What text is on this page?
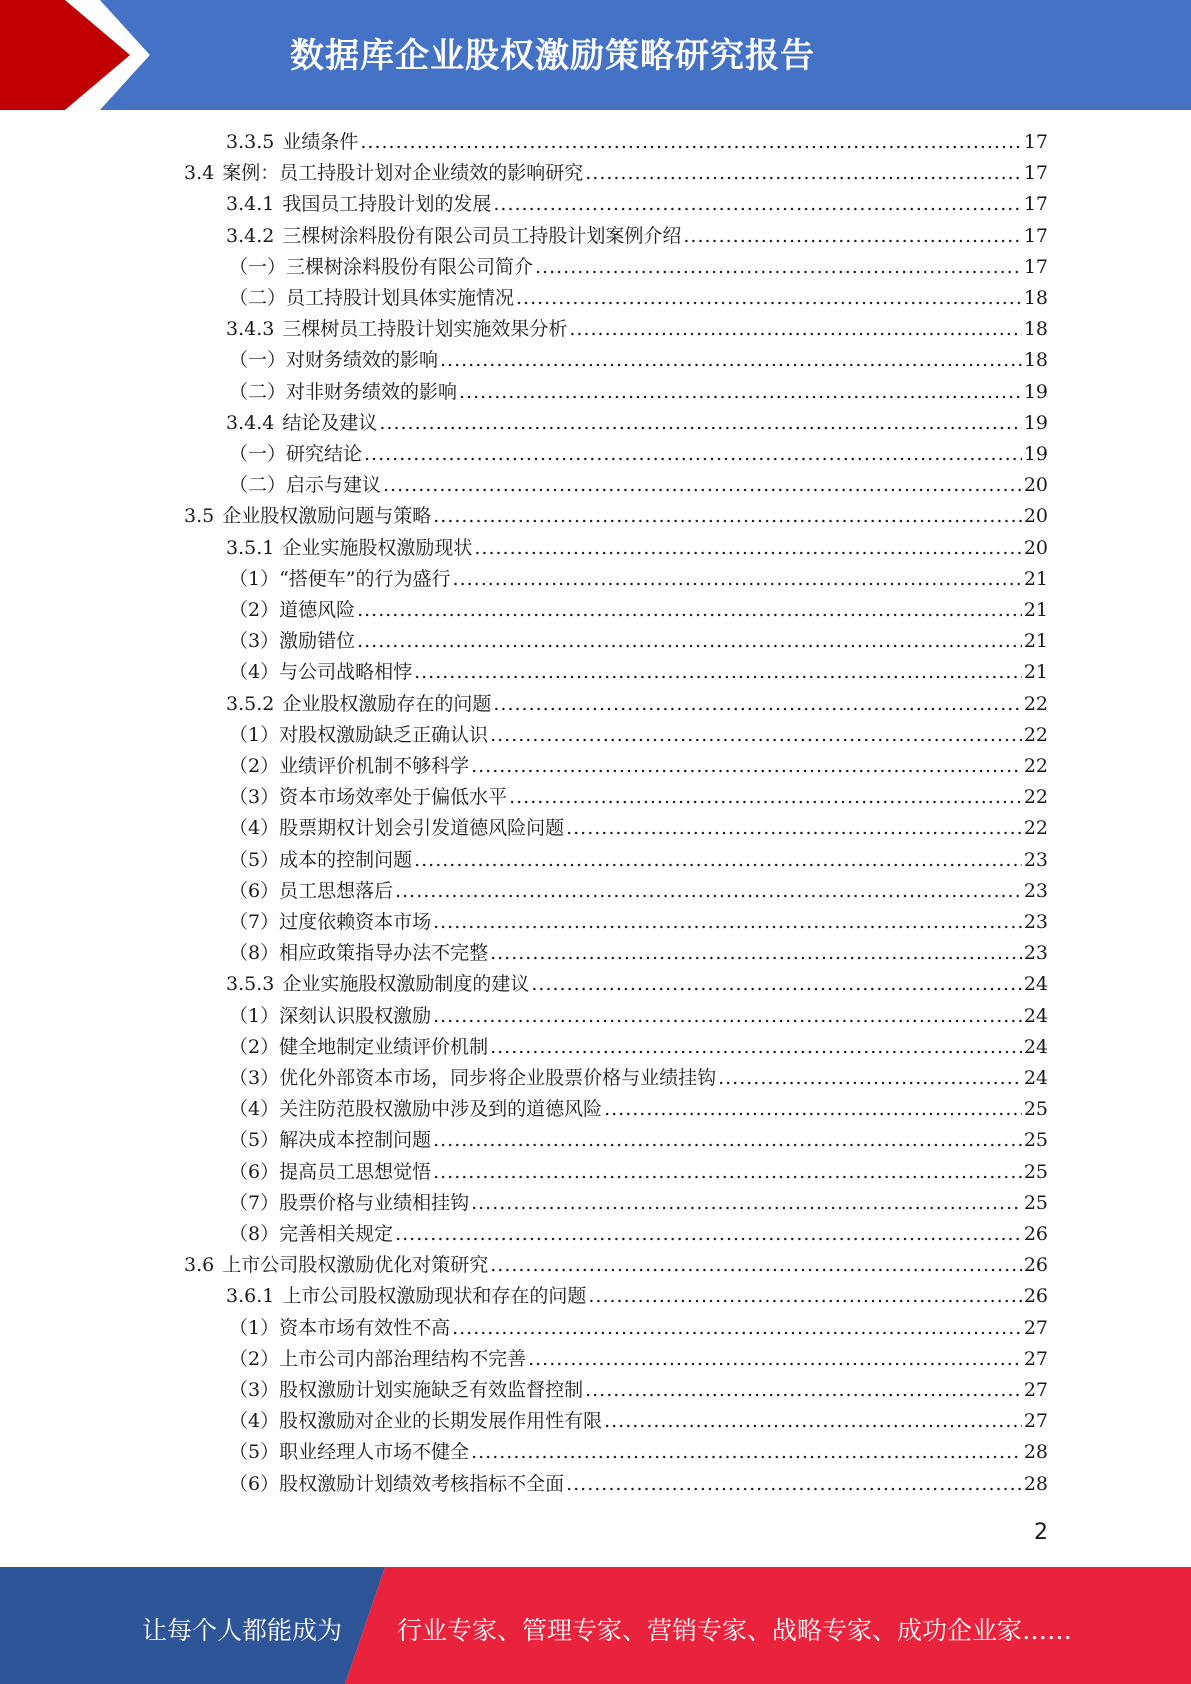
数据库企业股权激励策略研究报告
3.3.5 业绩条件 .....	17
3.4 案例：员工持股计划对企业绩效的影响研究 .....	17
3.4.1 我国员工持股计划的发展 .....	17
3.4.2 三棵树涂料股份有限公司员工持股计划案例介绍 .....	17
（一）三棵树涂料股份有限公司简介 .....	17
（二）员工持股计划具体实施情况 .....	18
3.4.3 三棵树员工持股计划实施效果分析 .....	18
（一）对财务绩效的影响 .....	18
（二）对非财务绩效的影响 .....	19
3.4.4 结论及建议 .....	19
（一）研究结论 .....	19
（二）启示与建议 .....	20
3.5 企业股权激励问题与策略 .....	20
3.5.1 企业实施股权激励现状 .....	20
（1）“搭便车”的行为盛行 .....	21
（2）道德风险 .....	21
（3）激励错位 .....	21
（4）与公司战略相悖 .....	21
3.5.2 企业股权激励存在的问题 .....	22
（1）对股权激励缺乏正确认识 .....	22
（2）业绩评价机制不够科学 .....	22
（3）资本市场效率处于偏低水平 .....	22
（4）股票期权计划会引发道德风险问题 .....	22
（5）成本的控制问题 .....	23
（6）员工思想落后 .....	23
（7）过度依赖资本市场 .....	23
（8）相应政策指导办法不完整 .....	23
3.5.3 企业实施股权激励制度的建议 .....	24
（1）深刻认识股权激励 .....	24
（2）健全地制定业绩评价机制 .....	24
（3）优化外部资本市场，同步将企业股票价格与业绩挂钩 .....	24
（4）关注防范股权激励中涉及到的道德风险 .....	25
（5）解决成本控制问题 .....	25
（6）提高员工思想觉悟 .....	25
（7）股票价格与业绩相挂钩 .....	25
（8）完善相关规定 .....	26
3.6 上市公司股权激励优化对策研究 .....	26
3.6.1 上市公司股权激励现状和存在的问题 .....	26
（1）资本市场有效性不高 .....	27
（2）上市公司内部治理结构不完善 .....	27
（3）股权激励计划实施缺乏有效监督控制 .....	27
（4）股权激励对企业的长期发展作用性有限 .....	27
（5）职业经理人市场不健全 .....	28
（6）股权激励计划绩效考核指标不全面 .....	28
2
让每个人都能成为 行业专家、管理专家、营销专家、战略专家、成功企业家……
